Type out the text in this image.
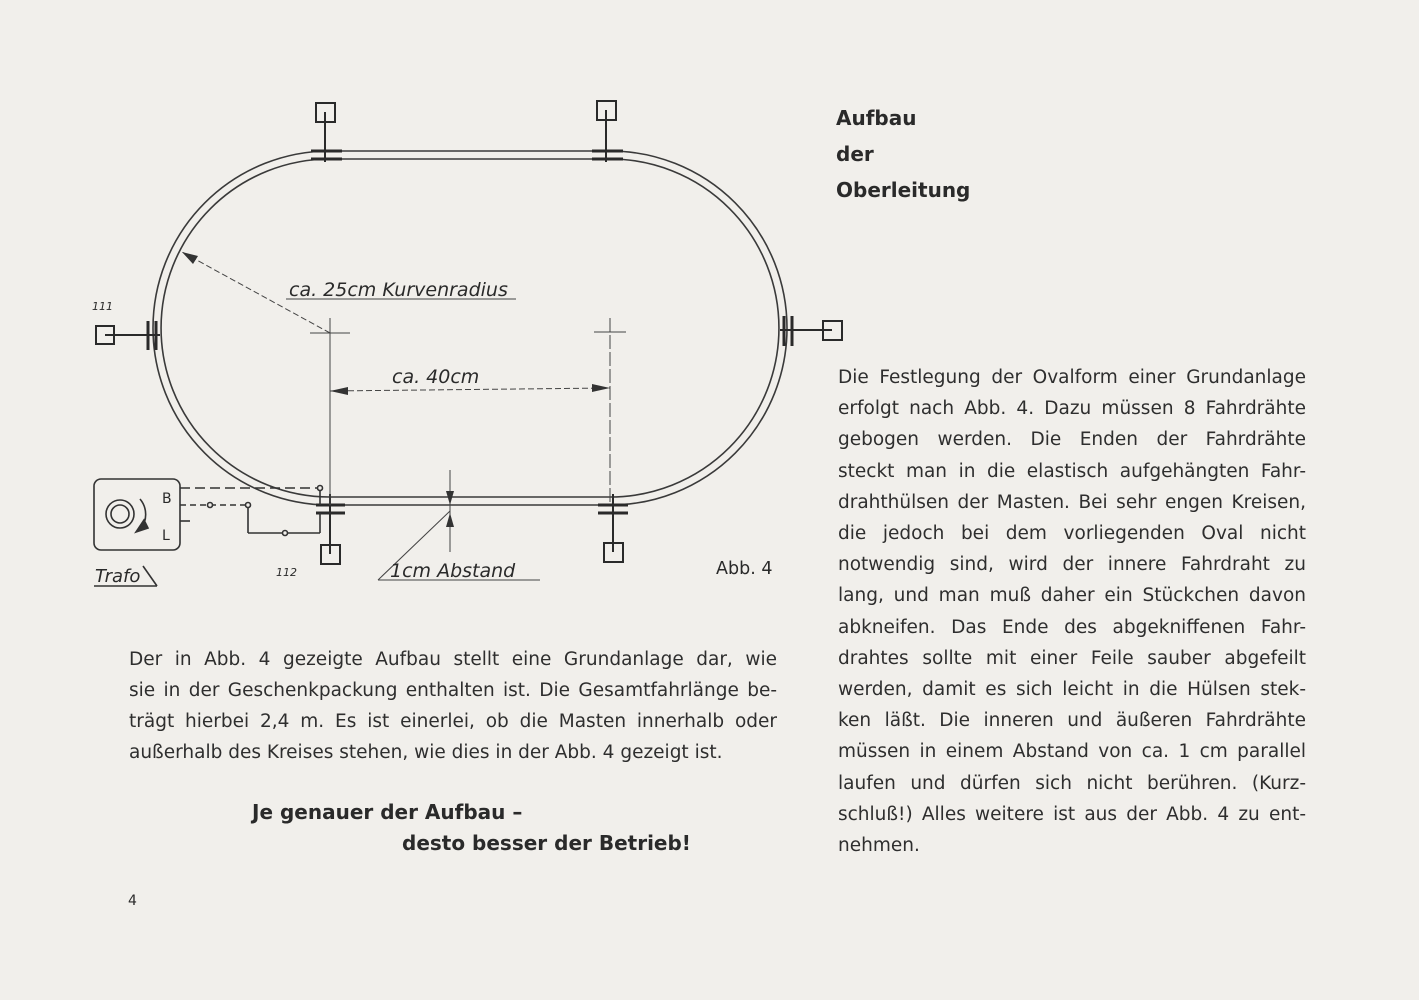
ca. 25cm Kurvenradius
ca. 40cm
1cm Abstand
Trafo
B
L
111
112	Abb. 4
Aufbau
der
Oberleitung
Die Festlegung der Ovalform einer Grundanlage
erfolgt nach Abb. 4. Dazu müssen 8 Fahrdrähte
gebogen werden. Die Enden der Fahrdrähte
steckt man in die elastisch aufgehängten Fahr-
drahthülsen der Masten. Bei sehr engen Kreisen,
die jedoch bei dem vorliegenden Oval nicht
notwendig sind, wird der innere Fahrdraht zu
lang, und man muß daher ein Stückchen davon
abkneifen. Das Ende des abgekniffenen Fahr-
drahtes sollte mit einer Feile sauber abgefeilt
werden, damit es sich leicht in die Hülsen stek-
ken läßt. Die inneren und äußeren Fahrdrähte
müssen in einem Abstand von ca. 1 cm parallel
laufen und dürfen sich nicht berühren. (Kurz-
schluß!) Alles weitere ist aus der Abb. 4 zu ent-
nehmen.
Der in Abb. 4 gezeigte Aufbau stellt eine Grundanlage dar, wie
sie in der Geschenkpackung enthalten ist. Die Gesamtfahrlänge be-
trägt hierbei 2,4 m. Es ist einerlei, ob die Masten innerhalb oder
außerhalb des Kreises stehen, wie dies in der Abb. 4 gezeigt ist.
Je genauer der Aufbau –
desto besser der Betrieb!
4
